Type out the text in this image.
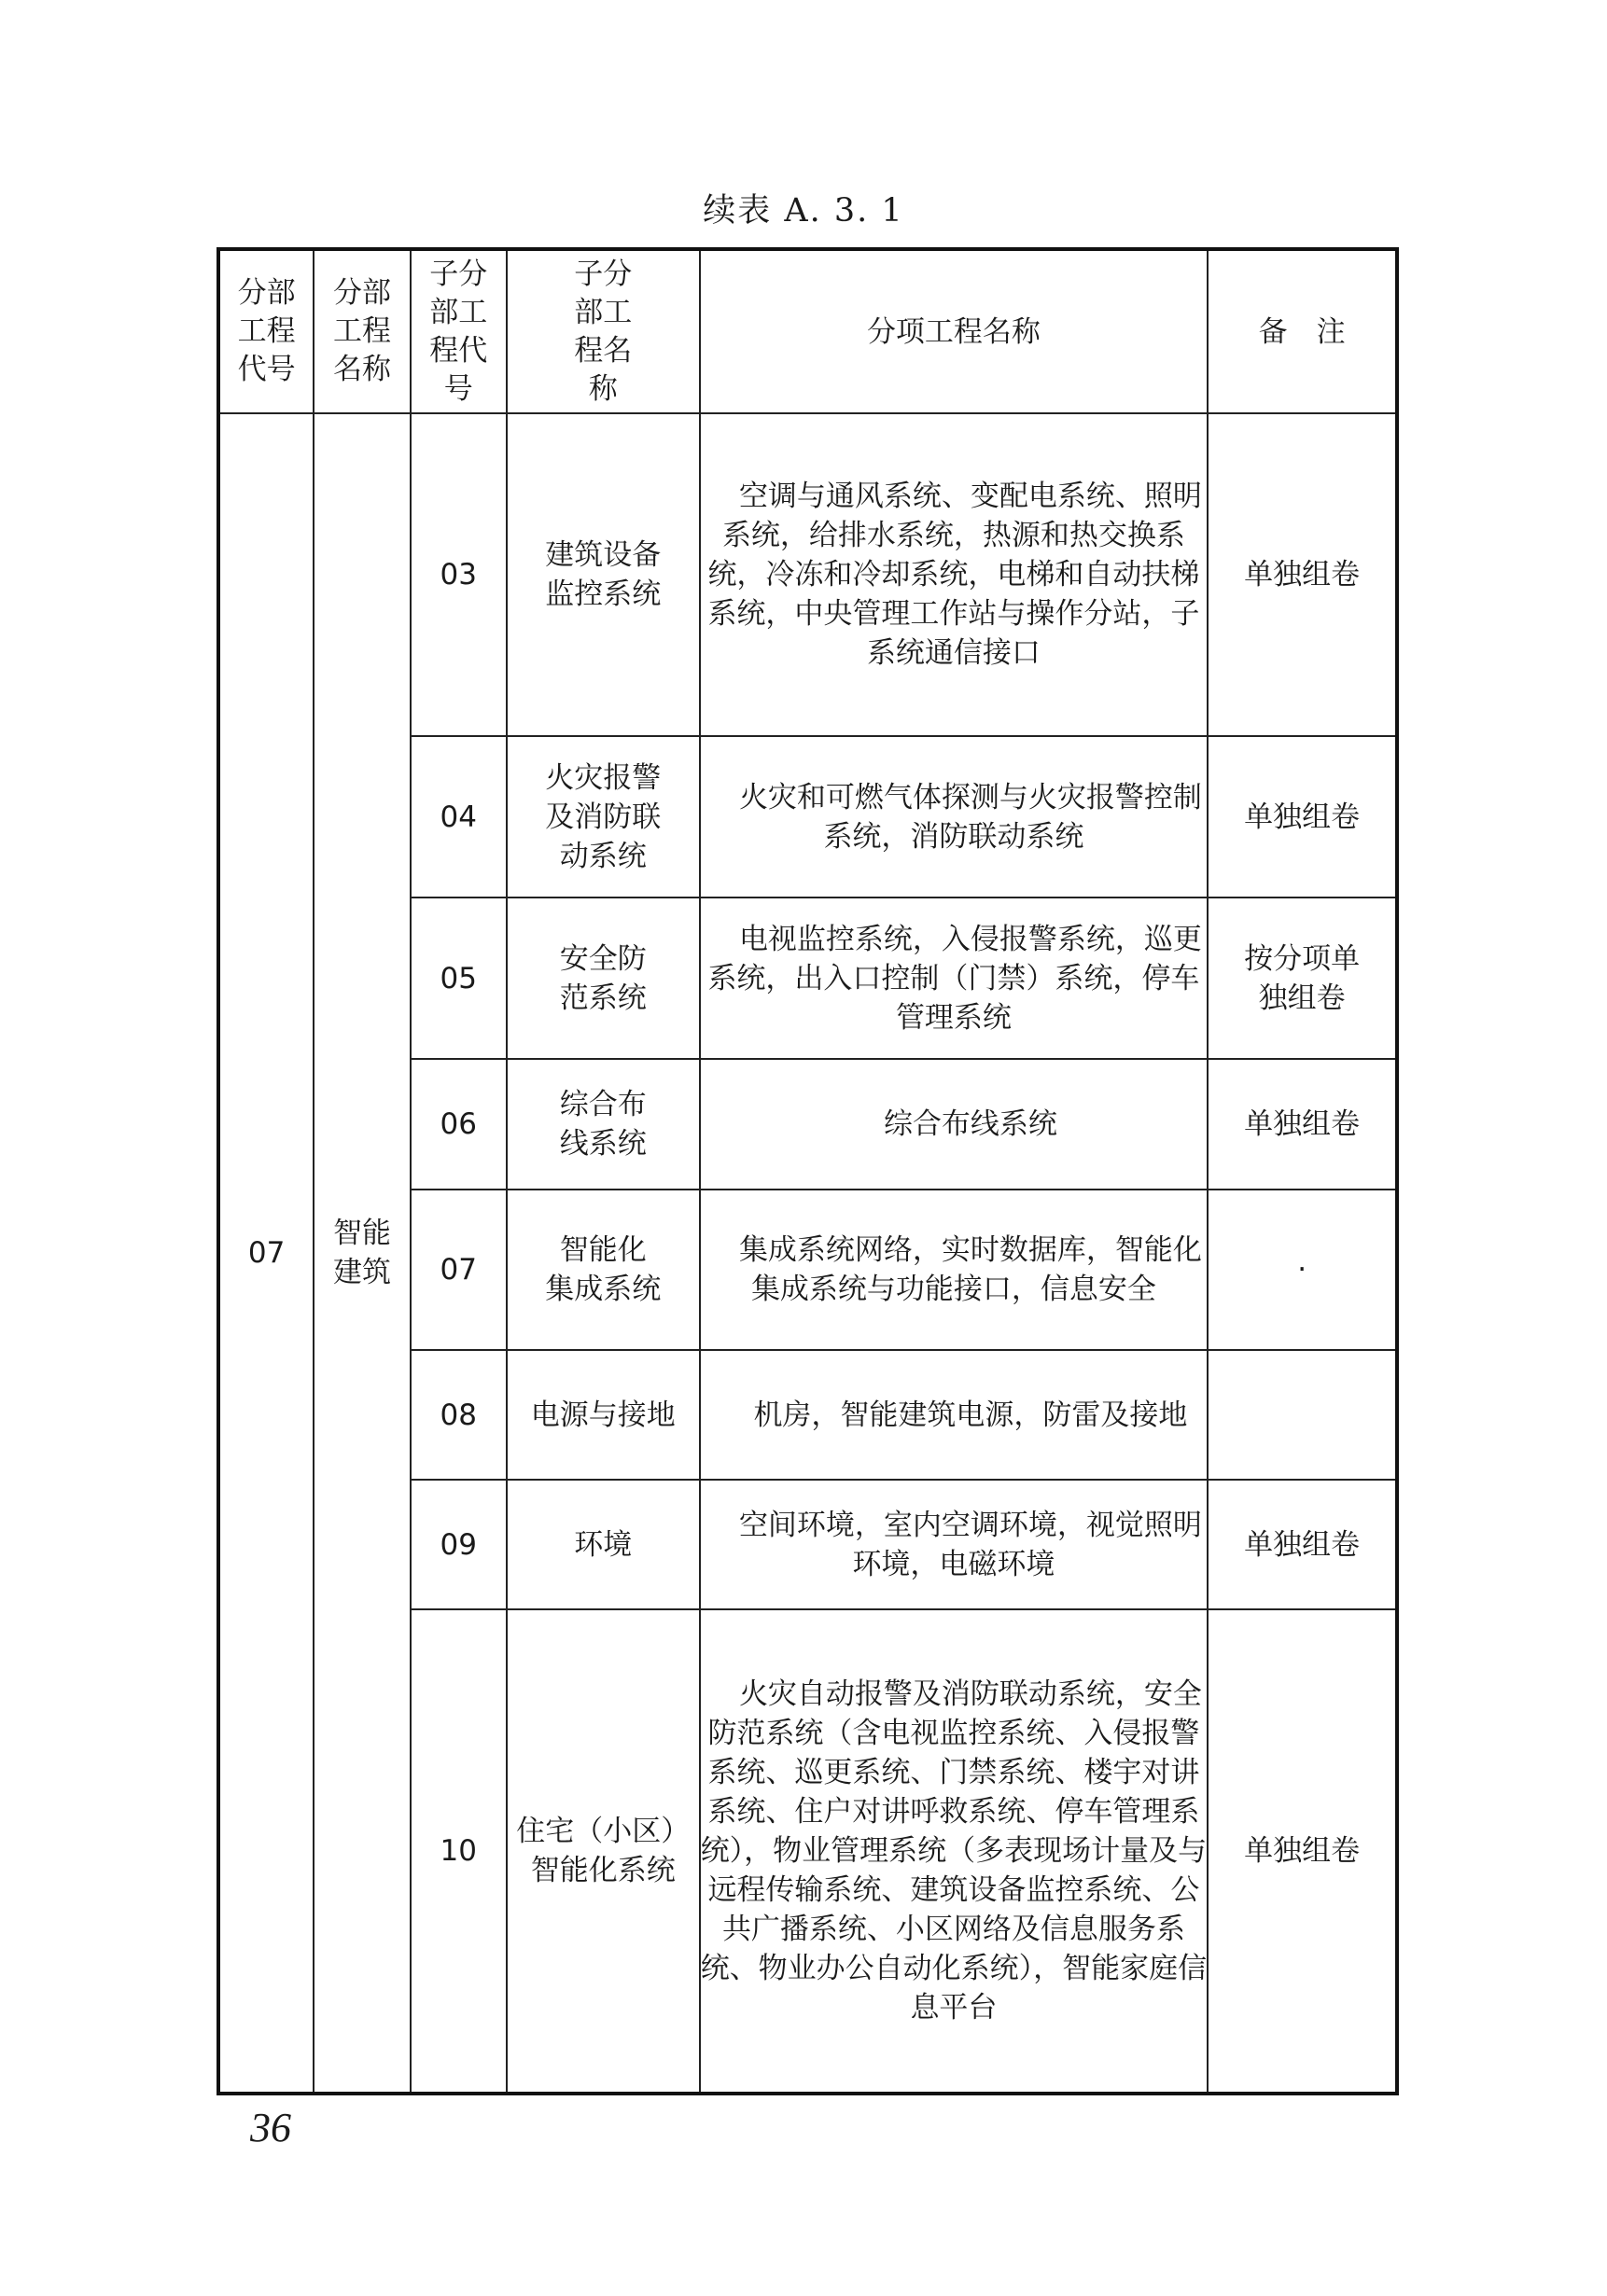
续表 A. 3. 1
分部
工程
代号	分部
工程
名称	子分
部工
程代
号	子分
部工
程名
称	分项工程名称	备　注
07	智能
建筑	03	建筑设备
监控系统	空调与通风系统、变配电系统、照明系统，给排水系统，热源和热交换系统，冷冻和冷却系统，电梯和自动扶梯系统，中央管理工作站与操作分站，子系统通信接口	单独组卷
		04	火灾报警
及消防联
动系统	火灾和可燃气体探测与火灾报警控制系统，消防联动系统	单独组卷
		05	安全防
范系统	电视监控系统，入侵报警系统，巡更系统，出入口控制（门禁）系统，停车管理系统	按分项单
独组卷
		06	综合布
线系统	综合布线系统	单独组卷
		07	智能化
集成系统	集成系统网络，实时数据库，智能化集成系统与功能接口，信息安全	·
		08	电源与接地	机房，智能建筑电源，防雷及接地	

		09	环境	空间环境，室内空调环境，视觉照明环境，电磁环境	单独组卷
		10	住宅（小区）
智能化系统	火灾自动报警及消防联动系统，安全防范系统（含电视监控系统、入侵报警系统、巡更系统、门禁系统、楼宇对讲系统、住户对讲呼救系统、停车管理系统），物业管理系统（多表现场计量及与远程传输系统、建筑设备监控系统、公共广播系统、小区网络及信息服务系统、物业办公自动化系统），智能家庭信息平台	单独组卷
36
